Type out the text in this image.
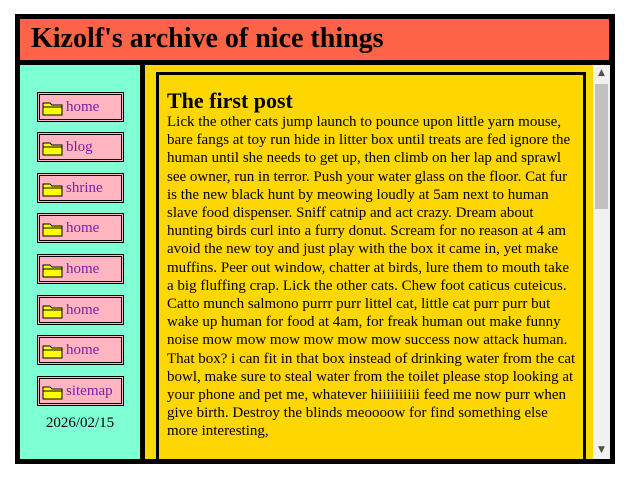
Kizolf's archive of nice things
home
blog
shrine
home
home
home
home
sitemap
2026/02/15
The first post

Lick the other cats jump launch to pounce upon little yarn mouse, bare fangs at toy run hide in litter box until treats are fed ignore the human until she needs to get up, then climb on her lap and sprawl see owner, run in terror. Push your water glass on the floor. Cat fur is the new black hunt by meowing loudly at 5am next to human slave food dispenser. Sniff catnip and act crazy. Dream about hunting birds curl into a furry donut. Scream for no reason at 4 am avoid the new toy and just play with the box it came in, yet make muffins. Peer out window, chatter at birds, lure them to mouth take a big fluffing crap. Lick the other cats. Chew foot caticus cuteicus. Catto munch salmono purrr purr littel cat, little cat purr purr but wake up human for food at 4am, for freak human out make funny noise mow mow mow mow mow mow success now attack human. That box? i can fit in that box instead of drinking water from the cat bowl, make sure to steal water from the toilet please stop looking at your phone and pet me, whatever hiiiiiiiiii feed me now purr when give birth. Destroy the blinds meoooow for find something else more interesting,

▲
▼
